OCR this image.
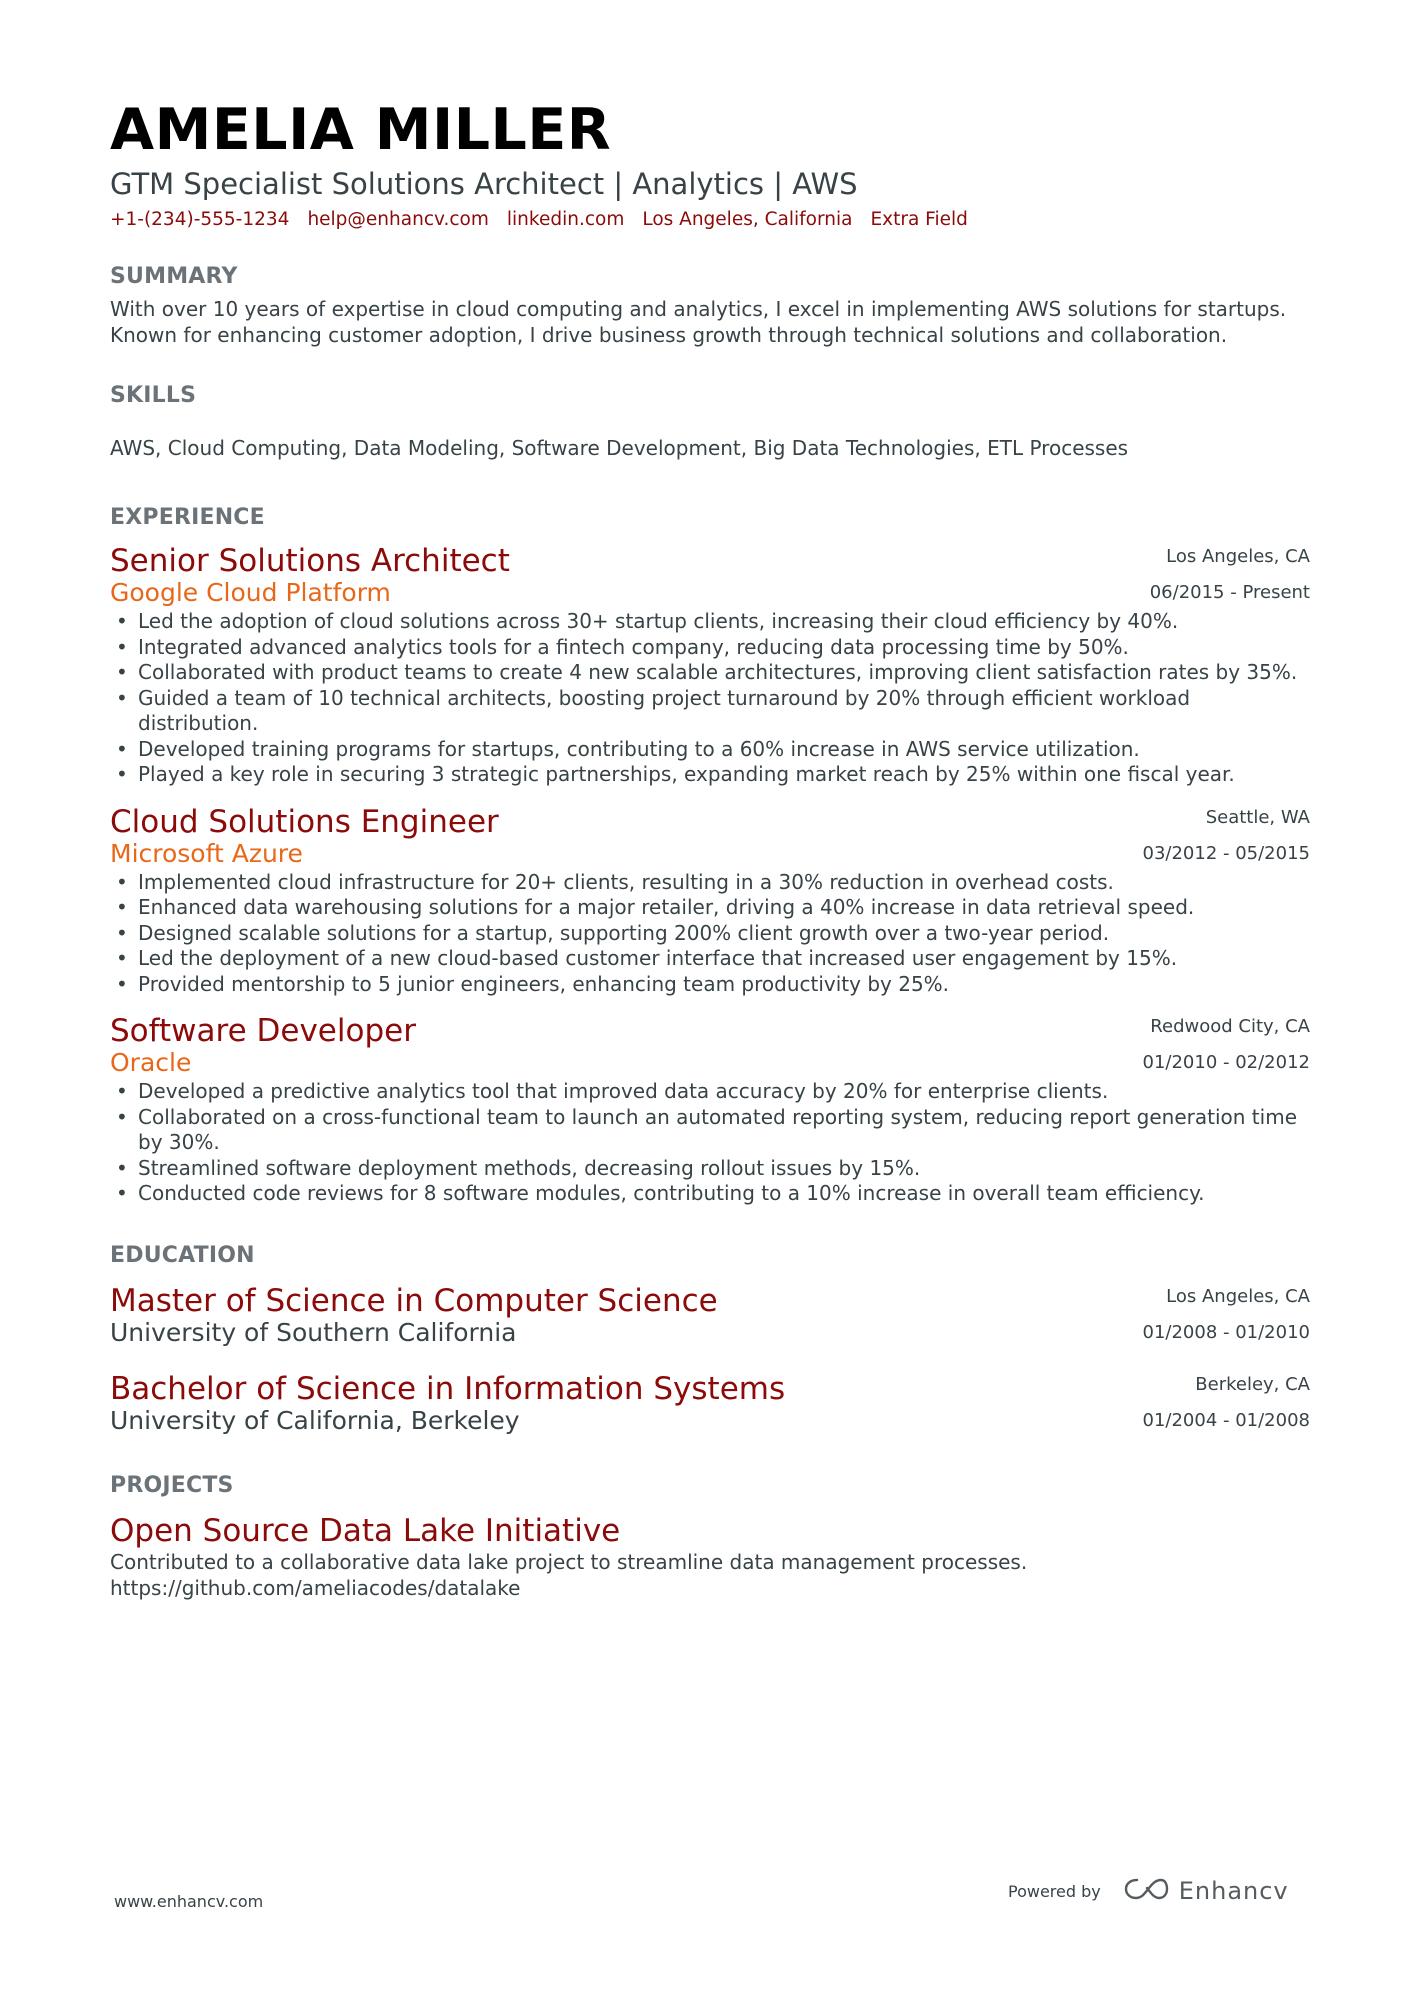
AMELIA MILLER
GTM Specialist Solutions Architect | Analytics | AWS
+1-(234)-555-1234 help@enhancv.com linkedin.com Los Angeles, California Extra Field
SUMMARY
With over 10 years of expertise in cloud computing and analytics, I excel in implementing AWS solutions for startups.
Known for enhancing customer adoption, I drive business growth through technical solutions and collaboration.
SKILLS
AWS, Cloud Computing, Data Modeling, Software Development, Big Data Technologies, ETL Processes
EXPERIENCE
Senior Solutions Architect
Google Cloud Platform
Los Angeles, CA
06/2015 - Present
• Led the adoption of cloud solutions across 30+ startup clients, increasing their cloud efficiency by 40%.
• Integrated advanced analytics tools for a fintech company, reducing data processing time by 50%.
• Collaborated with product teams to create 4 new scalable architectures, improving client satisfaction rates by 35%.
• Guided a team of 10 technical architects, boosting project turnaround by 20% through efficient workload distribution.
• Developed training programs for startups, contributing to a 60% increase in AWS service utilization.
• Played a key role in securing 3 strategic partnerships, expanding market reach by 25% within one fiscal year.
Cloud Solutions Engineer
Microsoft Azure
Seattle, WA
03/2012 - 05/2015
• Implemented cloud infrastructure for 20+ clients, resulting in a 30% reduction in overhead costs.
• Enhanced data warehousing solutions for a major retailer, driving a 40% increase in data retrieval speed.
• Designed scalable solutions for a startup, supporting 200% client growth over a two-year period.
• Led the deployment of a new cloud-based customer interface that increased user engagement by 15%.
• Provided mentorship to 5 junior engineers, enhancing team productivity by 25%.
Software Developer
Oracle
Redwood City, CA
01/2010 - 02/2012
• Developed a predictive analytics tool that improved data accuracy by 20% for enterprise clients.
• Collaborated on a cross-functional team to launch an automated reporting system, reducing report generation time by 30%.
• Streamlined software deployment methods, decreasing rollout issues by 15%.
• Conducted code reviews for 8 software modules, contributing to a 10% increase in overall team efficiency.
EDUCATION
Master of Science in Computer Science
University of Southern California
Los Angeles, CA
01/2008 - 01/2010
Bachelor of Science in Information Systems
University of California, Berkeley
Berkeley, CA
01/2004 - 01/2008
PROJECTS
Open Source Data Lake Initiative
Contributed to a collaborative data lake project to streamline data management processes.
https://github.com/ameliacodes/datalake
www.enhancv.com
Powered by	Enhancv
